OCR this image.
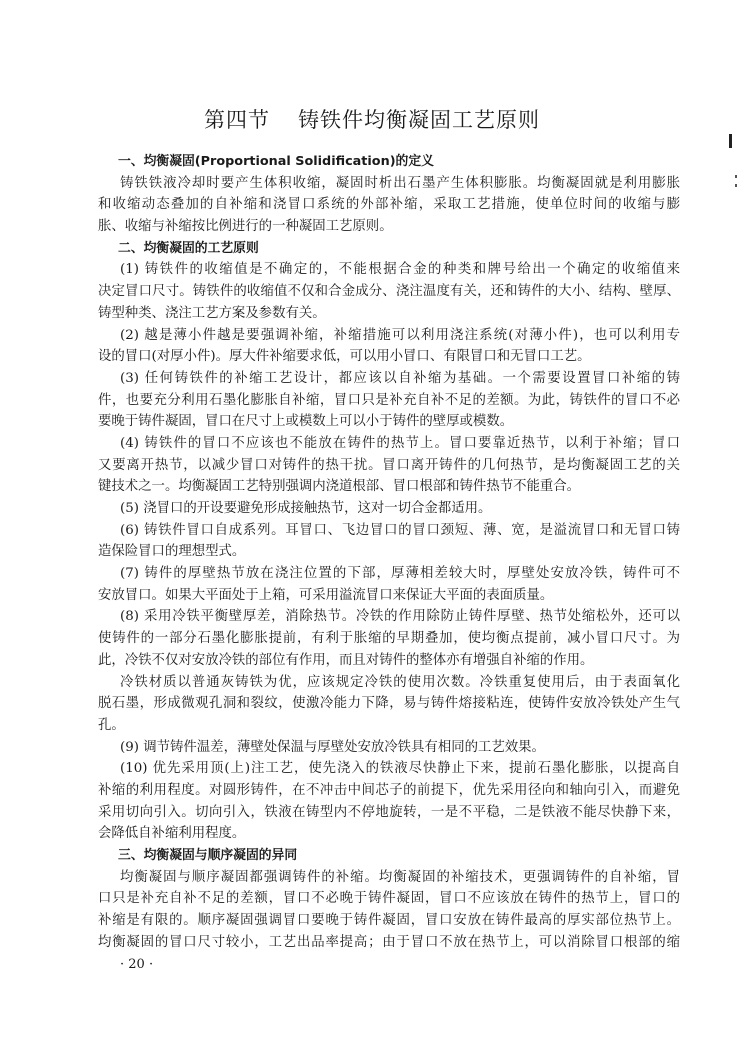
第四节 铸铁件均衡凝固工艺原则
一、均衡凝固(Proportional Solidification)的定义
铸铁铁液冷却时要产生体积收缩，凝固时析出石墨产生体积膨胀。均衡凝固就是利用膨胀
和收缩动态叠加的自补缩和浇冒口系统的外部补缩，采取工艺措施，使单位时间的收缩与膨
胀、收缩与补缩按比例进行的一种凝固工艺原则。
二、均衡凝固的工艺原则
(1) 铸铁件的收缩值是不确定的，不能根据合金的种类和牌号给出一个确定的收缩值来
决定冒口尺寸。铸铁件的收缩值不仅和合金成分、浇注温度有关，还和铸件的大小、结构、壁厚、
铸型种类、浇注工艺方案及参数有关。
(2) 越是薄小件越是要强调补缩，补缩措施可以利用浇注系统(对薄小件)，也可以利用专
设的冒口(对厚小件)。厚大件补缩要求低，可以用小冒口、有限冒口和无冒口工艺。
(3) 任何铸铁件的补缩工艺设计，都应该以自补缩为基础。一个需要设置冒口补缩的铸
件，也要充分利用石墨化膨胀自补缩，冒口只是补充自补不足的差额。为此，铸铁件的冒口不必
要晚于铸件凝固，冒口在尺寸上或模数上可以小于铸件的壁厚或模数。
(4) 铸铁件的冒口不应该也不能放在铸件的热节上。冒口要靠近热节，以利于补缩；冒口
又要离开热节，以减少冒口对铸件的热干扰。冒口离开铸件的几何热节，是均衡凝固工艺的关
键技术之一。均衡凝固工艺特别强调内浇道根部、冒口根部和铸件热节不能重合。
(5) 浇冒口的开设要避免形成接触热节，这对一切合金都适用。
(6) 铸铁件冒口自成系列。耳冒口、飞边冒口的冒口颈短、薄、宽，是溢流冒口和无冒口铸
造保险冒口的理想型式。
(7) 铸件的厚壁热节放在浇注位置的下部，厚薄相差较大时，厚壁处安放冷铁，铸件可不
安放冒口。如果大平面处于上箱，可采用溢流冒口来保证大平面的表面质量。
(8) 采用冷铁平衡壁厚差，消除热节。冷铁的作用除防止铸件厚壁、热节处缩松外，还可以
使铸件的一部分石墨化膨胀提前，有利于胀缩的早期叠加，使均衡点提前，减小冒口尺寸。为
此，冷铁不仅对安放冷铁的部位有作用，而且对铸件的整体亦有增强自补缩的作用。
冷铁材质以普通灰铸铁为优，应该规定冷铁的使用次数。冷铁重复使用后，由于表面氧化
脱石墨，形成微观孔洞和裂纹，使激冷能力下降，易与铸件熔接粘连，使铸件安放冷铁处产生气
孔。
(9) 调节铸件温差，薄壁处保温与厚壁处安放冷铁具有相同的工艺效果。
(10) 优先采用顶(上)注工艺，使先浇入的铁液尽快静止下来，提前石墨化膨胀，以提高自
补缩的利用程度。对圆形铸件，在不冲击中间芯子的前提下，优先采用径向和轴向引入，而避免
采用切向引入。切向引入，铁液在铸型内不停地旋转，一是不平稳，二是铁液不能尽快静下来，
会降低自补缩利用程度。
三、均衡凝固与顺序凝固的异同
均衡凝固与顺序凝固都强调铸件的补缩。均衡凝固的补缩技术，更强调铸件的自补缩，冒
口只是补充自补不足的差额，冒口不必晚于铸件凝固，冒口不应该放在铸件的热节上，冒口的
补缩是有限的。顺序凝固强调冒口要晚于铸件凝固，冒口安放在铸件最高的厚实部位热节上。
均衡凝固的冒口尺寸较小，工艺出品率提高；由于冒口不放在热节上，可以消除冒口根部的缩
· 20 ·
